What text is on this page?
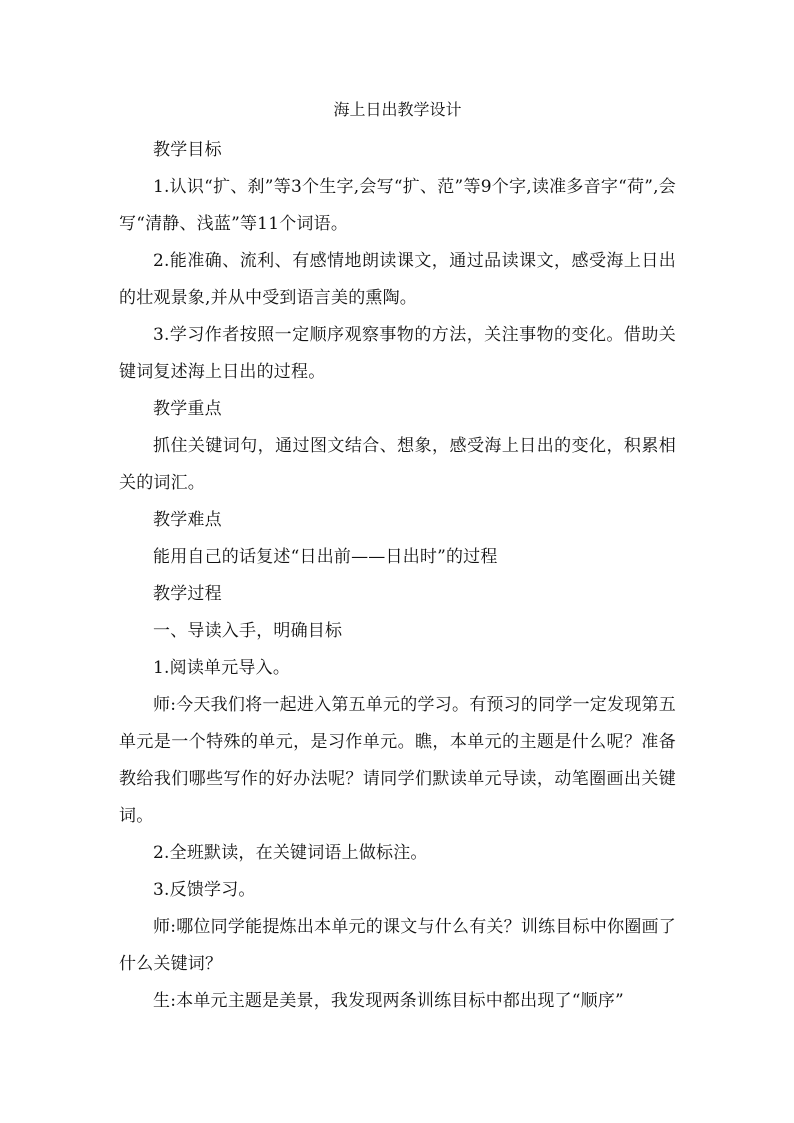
海上日出教学设计

教学目标

1.认识“扩、刹”等3个生字,会写“扩、范”等9个字,读准多音字“荷”,会写“清静、浅蓝”等11个词语。

2.能准确、流利、有感情地朗读课文，通过品读课文，感受海上日出的壮观景象,并从中受到语言美的熏陶。

3.学习作者按照一定顺序观察事物的方法，关注事物的变化。借助关键词复述海上日出的过程。

教学重点

抓住关键词句，通过图文结合、想象，感受海上日出的变化，积累相关的词汇。

教学难点

能用自己的话复述“日出前——日出时”的过程

教学过程

一、导读入手，明确目标

1.阅读单元导入。

师:今天我们将一起进入第五单元的学习。有预习的同学一定发现第五单元是一个特殊的单元，是习作单元。瞧，本单元的主题是什么呢？准备教给我们哪些写作的好办法呢？请同学们默读单元导读，动笔圈画出关键词。

2.全班默读，在关键词语上做标注。

3.反馈学习。

师:哪位同学能提炼出本单元的课文与什么有关？训练目标中你圈画了什么关键词？

生:本单元主题是美景，我发现两条训练目标中都出现了“顺序”
